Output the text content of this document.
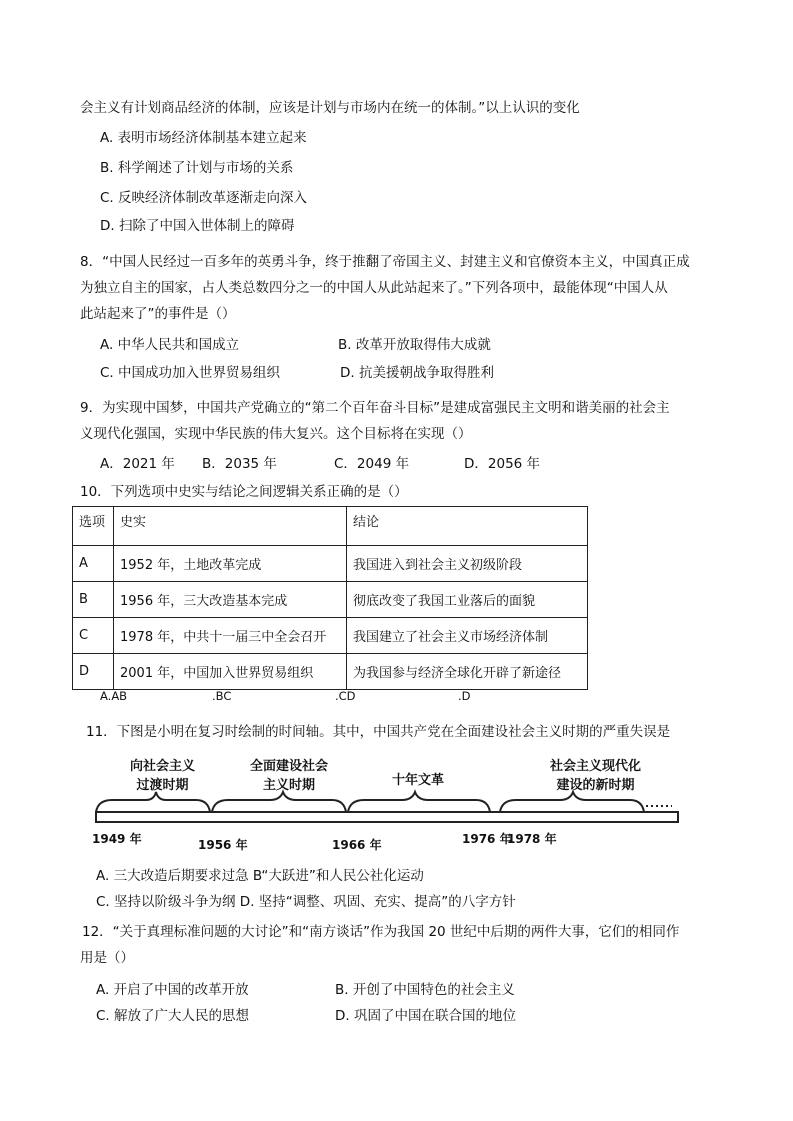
会主义有计划商品经济的体制，应该是计划与市场内在统一的体制。”以上认识的变化
A. 表明市场经济体制基本建立起来
B. 科学阐述了计划与市场的关系
C. 反映经济体制改革逐渐走向深入
D. 扫除了中国入世体制上的障碍
8．“中国人民经过一百多年的英勇斗争，终于推翻了帝国主义、封建主义和官僚资本主义，中国真正成
为独立自主的国家，占人类总数四分之一的中国人从此站起来了。”下列各项中，最能体现“中国人从
此站起来了”的事件是（）
A. 中华人民共和国成立	B. 改革开放取得伟大成就
C. 中国成功加入世界贸易组织	D. 抗美援朝战争取得胜利
9．为实现中国梦，中国共产党确立的“第二个百年奋斗目标”是建成富强民主文明和谐美丽的社会主
义现代化强国，实现中华民族的伟大复兴。这个目标将在实现（）
A．2021 年 B．2035 年	C．2049 年	D．2056 年
10．下列选项中史实与结论之间逻辑关系正确的是（）
选项	史实	结论
A	1952 年，土地改革完成	我国进入到社会主义初级阶段
B	1956 年，三大改造基本完成	彻底改变了我国工业落后的面貌
C	1978 年，中共十一届三中全会召开	我国建立了社会主义市场经济体制
D	2001 年，中国加入世界贸易组织	为我国参与经济全球化开辟了新途径
A.AB	.BC	.CD	.D
11．下图是小明在复习时绘制的时间轴。其中，中国共产党在全面建设社会主义时期的严重失误是
向社会主义
过渡时期
全面建设社会
主义时期	十年文革
社会主义现代化
建设的新时期
1949 年	1956 年	1966 年	1976 年
1978 年
A. 三大改造后期要求过急 B“大跃进”和人民公社化运动
C. 坚持以阶级斗争为纲 D. 坚持“调整、巩固、充实、提高”的八字方针
12．“关于真理标准问题的大讨论”和“南方谈话”作为我国 20 世纪中后期的两件大事，它们的相同作
用是（）
A. 开启了中国的改革开放	B. 开创了中国特色的社会主义
C. 解放了广大人民的思想	D. 巩固了中国在联合国的地位
